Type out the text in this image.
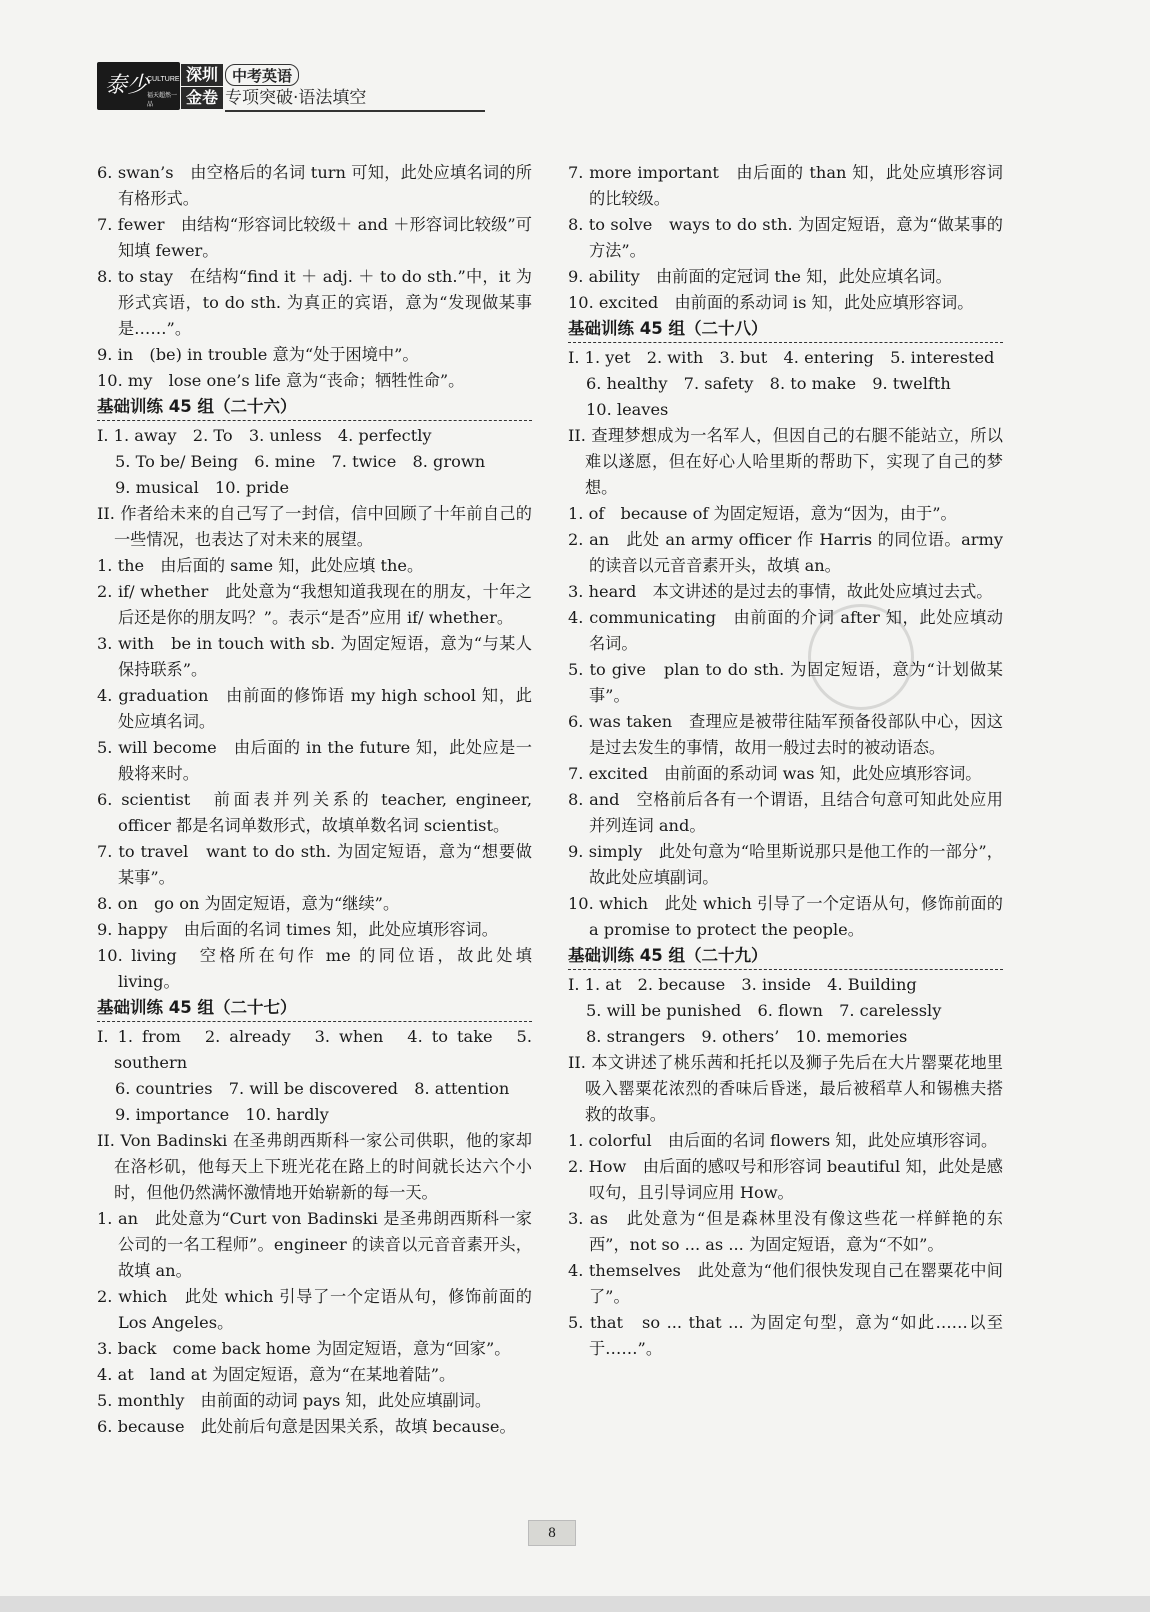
泰少
CULTURE
福天超然一品
深圳
金卷
中考英语
专项突破·语法填空
6. swan’s　由空格后的名词 turn 可知，此处应填名词的所有格形式。
7. fewer　由结构“形容词比较级＋ and ＋形容词比较级”可知填 fewer。
8. to stay　在结构“find it ＋ adj. ＋ to do sth.”中，it 为形式宾语，to do sth. 为真正的宾语，意为“发现做某事是……”。
9. in　(be) in trouble 意为“处于困境中”。
10. my　lose one’s life 意为“丧命；牺牲性命”。
基础训练 45 组（二十六）
I. 1. away　2. To　3. unless　4. perfectly
5. To be/ Being　6. mine　7. twice　8. grown
9. musical　10. pride
II. 作者给未来的自己写了一封信，信中回顾了十年前自己的一些情况，也表达了对未来的展望。
1. the　由后面的 same 知，此处应填 the。
2. if/ whether　此处意为“我想知道我现在的朋友，十年之后还是你的朋友吗？”。表示“是否”应用 if/ whether。
3. with　be in touch with sb. 为固定短语，意为“与某人保持联系”。
4. graduation　由前面的修饰语 my high school 知，此处应填名词。
5. will become　由后面的 in the future 知，此处应是一般将来时。
6. scientist　前面表并列关系的 teacher, engineer, officer 都是名词单数形式，故填单数名词 scientist。
7. to travel　want to do sth. 为固定短语，意为“想要做某事”。
8. on　go on 为固定短语，意为“继续”。
9. happy　由后面的名词 times 知，此处应填形容词。
10. living　空格所在句作 me 的同位语，故此处填 living。
基础训练 45 组（二十七）
I. 1. from　2. already　3. when　4. to take　5. southern
6. countries　7. will be discovered　8. attention
9. importance　10. hardly
II. Von Badinski 在圣弗朗西斯科一家公司供职，他的家却在洛杉矶，他每天上下班光花在路上的时间就长达六个小时，但他仍然满怀激情地开始崭新的每一天。
1. an　此处意为“Curt von Badinski 是圣弗朗西斯科一家公司的一名工程师”。engineer 的读音以元音音素开头，故填 an。
2. which　此处 which 引导了一个定语从句，修饰前面的 Los Angeles。
3. back　come back home 为固定短语，意为“回家”。
4. at　land at 为固定短语，意为“在某地着陆”。
5. monthly　由前面的动词 pays 知，此处应填副词。
6. because　此处前后句意是因果关系，故填 because。
7. more important　由后面的 than 知，此处应填形容词的比较级。
8. to solve　ways to do sth. 为固定短语，意为“做某事的方法”。
9. ability　由前面的定冠词 the 知，此处应填名词。
10. excited　由前面的系动词 is 知，此处应填形容词。
基础训练 45 组（二十八）
I. 1. yet　2. with　3. but　4. entering　5. interested
6. healthy　7. safety　8. to make　9. twelfth
10. leaves
II. 查理梦想成为一名军人，但因自己的右腿不能站立，所以难以遂愿，但在好心人哈里斯的帮助下，实现了自己的梦想。
1. of　because of 为固定短语，意为“因为，由于”。
2. an　此处 an army officer 作 Harris 的同位语。army 的读音以元音音素开头，故填 an。
3. heard　本文讲述的是过去的事情，故此处应填过去式。
4. communicating　由前面的介词 after 知，此处应填动名词。
5. to give　plan to do sth. 为固定短语，意为“计划做某事”。
6. was taken　查理应是被带往陆军预备役部队中心，因这是过去发生的事情，故用一般过去时的被动语态。
7. excited　由前面的系动词 was 知，此处应填形容词。
8. and　空格前后各有一个谓语，且结合句意可知此处应用并列连词 and。
9. simply　此处句意为“哈里斯说那只是他工作的一部分”，故此处应填副词。
10. which　此处 which 引导了一个定语从句，修饰前面的 a promise to protect the people。
基础训练 45 组（二十九）
I. 1. at　2. because　3. inside　4. Building
5. will be punished　6. flown　7. carelessly
8. strangers　9. others’　10. memories
II. 本文讲述了桃乐茜和托托以及狮子先后在大片罂粟花地里吸入罂粟花浓烈的香味后昏迷，最后被稻草人和锡樵夫搭救的故事。
1. colorful　由后面的名词 flowers 知，此处应填形容词。
2. How　由后面的感叹号和形容词 beautiful 知，此处是感叹句，且引导词应用 How。
3. as　此处意为“但是森林里没有像这些花一样鲜艳的东西”，not so ... as ... 为固定短语，意为“不如”。
4. themselves　此处意为“他们很快发现自己在罂粟花中间了”。
5. that　so ... that ... 为固定句型，意为“如此……以至于……”。
8
